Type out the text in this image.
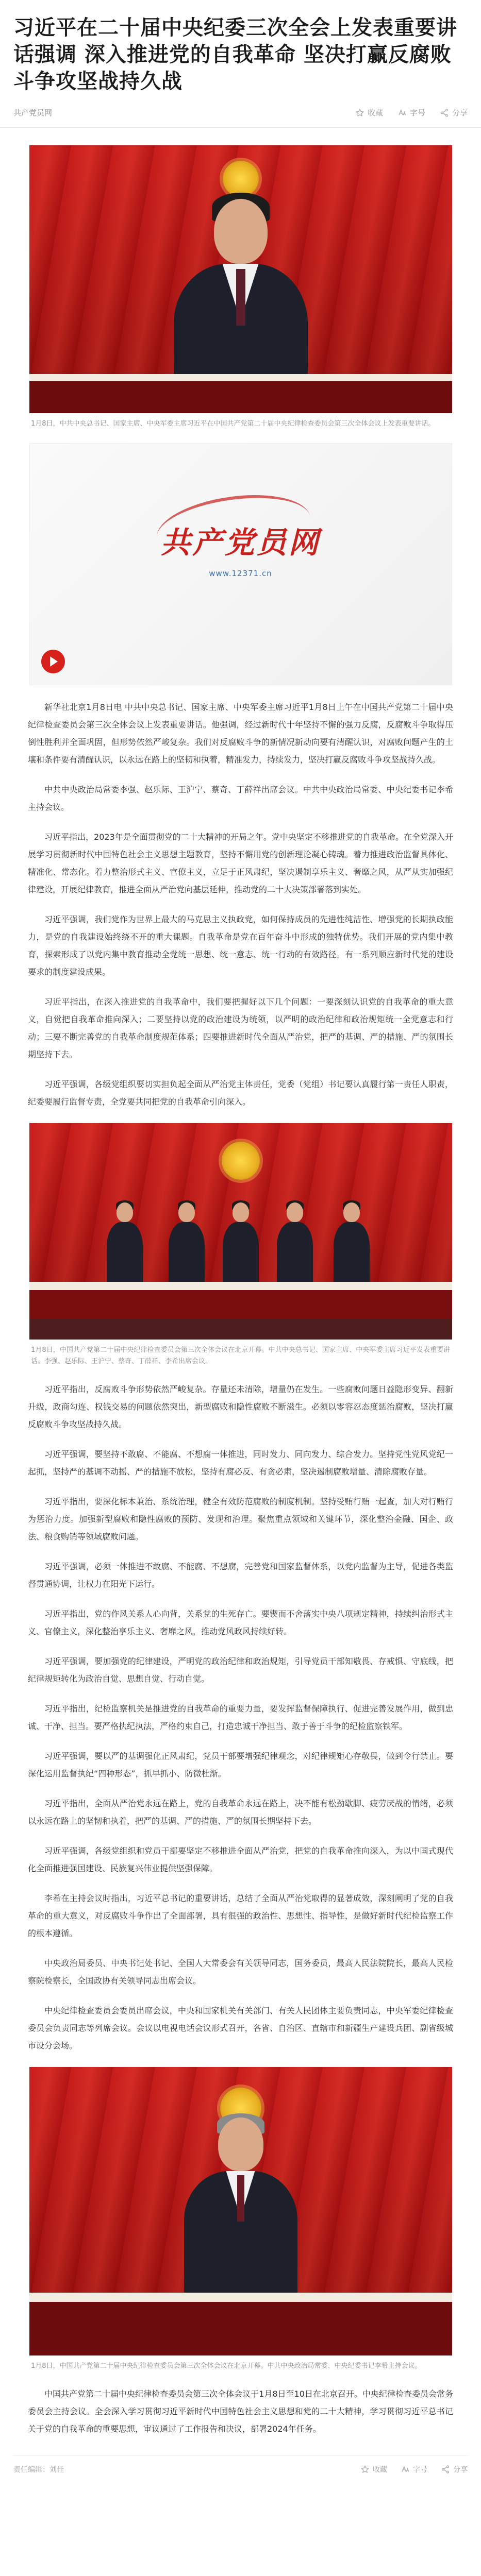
习近平在二十届中央纪委三次全会上发表重要讲话强调 深入推进党的自我革命 坚决打赢反腐败斗争攻坚战持久战
共产党员网	收藏	字号	分享

1月8日，中共中央总书记、国家主席、中央军委主席习近平在中国共产党第二十届中央纪律检查委员会第三次全体会议上发表重要讲话。

共产党员网
www.12371.cn

新华社北京1月8日电 中共中央总书记、国家主席、中央军委主席习近平1月8日上午在中国共产党第二十届中央纪律检查委员会第三次全体会议上发表重要讲话。他强调，经过新时代十年坚持不懈的强力反腐，反腐败斗争取得压倒性胜利并全面巩固，但形势依然严峻复杂。我们对反腐败斗争的新情况新动向要有清醒认识，对腐败问题产生的土壤和条件要有清醒认识，以永远在路上的坚韧和执着，精准发力，持续发力，坚决打赢反腐败斗争攻坚战持久战。

中共中央政治局常委李强、赵乐际、王沪宁、蔡奇、丁薛祥出席会议。中共中央政治局常委、中央纪委书记李希主持会议。

习近平指出，2023年是全面贯彻党的二十大精神的开局之年。党中央坚定不移推进党的自我革命。在全党深入开展学习贯彻新时代中国特色社会主义思想主题教育，坚持不懈用党的创新理论凝心铸魂。着力推进政治监督具体化、精准化、常态化。着力整治形式主义、官僚主义，立足于正风肃纪，坚决遏制享乐主义、奢靡之风，从严从实加强纪律建设，开展纪律教育，推进全面从严治党向基层延伸，推动党的二十大决策部署落到实处。

习近平强调，我们党作为世界上最大的马克思主义执政党，如何保持成员的先进性纯洁性、增强党的长期执政能力，是党的自我建设始终绕不开的重大课题。自我革命是党在百年奋斗中形成的独特优势。我们开展的党内集中教育，探索形成了以党内集中教育推动全党统一思想、统一意志、统一行动的有效路径。有一系列顺应新时代党的建设要求的制度建设成果。

习近平指出，在深入推进党的自我革命中，我们要把握好以下几个问题：一要深刻认识党的自我革命的重大意义，自觉把自我革命推向深入；二要坚持以党的政治建设为统领，以严明的政治纪律和政治规矩统一全党意志和行动；三要不断完善党的自我革命制度规范体系；四要推进新时代全面从严治党，把严的基调、严的措施、严的氛围长期坚持下去。

习近平强调，各级党组织要切实担负起全面从严治党主体责任，党委（党组）书记要认真履行第一责任人职责，纪委要履行监督专责，全党要共同把党的自我革命引向深入。

1月8日，中国共产党第二十届中央纪律检查委员会第三次全体会议在北京开幕。中共中央总书记、国家主席、中央军委主席习近平发表重要讲话。李强、赵乐际、王沪宁、蔡奇、丁薛祥、李希出席会议。

习近平指出，反腐败斗争形势依然严峻复杂。存量还未清除，增量仍在发生。一些腐败问题日益隐形变异、翻新升级，政商勾连、权钱交易的问题依然突出，新型腐败和隐性腐败不断滋生。必须以零容忍态度惩治腐败，坚决打赢反腐败斗争攻坚战持久战。

习近平强调，要坚持不敢腐、不能腐、不想腐一体推进，同时发力、同向发力、综合发力。坚持党性党风党纪一起抓，坚持严的基调不动摇、严的措施不放松，坚持有腐必反、有贪必肃，坚决遏制腐败增量、清除腐败存量。

习近平指出，要深化标本兼治、系统治理，健全有效防范腐败的制度机制。坚持受贿行贿一起查，加大对行贿行为惩治力度。加强新型腐败和隐性腐败的预防、发现和治理。聚焦重点领域和关键环节，深化整治金融、国企、政法、粮食购销等领域腐败问题。

习近平强调，必须一体推进不敢腐、不能腐、不想腐，完善党和国家监督体系，以党内监督为主导，促进各类监督贯通协调，让权力在阳光下运行。

习近平指出，党的作风关系人心向背，关系党的生死存亡。要锲而不舍落实中央八项规定精神，持续纠治形式主义、官僚主义，深化整治享乐主义、奢靡之风，推动党风政风持续好转。

习近平强调，要加强党的纪律建设，严明党的政治纪律和政治规矩，引导党员干部知敬畏、存戒惧、守底线，把纪律规矩转化为政治自觉、思想自觉、行动自觉。

习近平指出，纪检监察机关是推进党的自我革命的重要力量，要发挥监督保障执行、促进完善发展作用，做到忠诚、干净、担当。要严格执纪执法，严格约束自己，打造忠诚干净担当、敢于善于斗争的纪检监察铁军。

习近平强调，要以严的基调强化正风肃纪，党员干部要增强纪律观念，对纪律规矩心存敬畏，做到令行禁止。要深化运用监督执纪“四种形态”，抓早抓小、防微杜渐。

习近平指出，全面从严治党永远在路上，党的自我革命永远在路上，决不能有松劲歇脚、疲劳厌战的情绪，必须以永远在路上的坚韧和执着，把严的基调、严的措施、严的氛围长期坚持下去。

习近平强调，各级党组织和党员干部要坚定不移推进全面从严治党，把党的自我革命推向深入，为以中国式现代化全面推进强国建设、民族复兴伟业提供坚强保障。

李希在主持会议时指出，习近平总书记的重要讲话，总结了全面从严治党取得的显著成效，深刻阐明了党的自我革命的重大意义，对反腐败斗争作出了全面部署，具有很强的政治性、思想性、指导性，是做好新时代纪检监察工作的根本遵循。

中央政治局委员、中央书记处书记、全国人大常委会有关领导同志，国务委员，最高人民法院院长，最高人民检察院检察长，全国政协有关领导同志出席会议。

中央纪律检查委员会委员出席会议，中央和国家机关有关部门、有关人民团体主要负责同志，中央军委纪律检查委员会负责同志等列席会议。会议以电视电话会议形式召开，各省、自治区、直辖市和新疆生产建设兵团、副省级城市设分会场。

1月8日，中国共产党第二十届中央纪律检查委员会第三次全体会议在北京开幕。中共中央政治局常委、中央纪委书记李希主持会议。

中国共产党第二十届中央纪律检查委员会第三次全体会议于1月8日至10日在北京召开。中央纪律检查委员会常务委员会主持会议。全会深入学习贯彻习近平新时代中国特色社会主义思想和党的二十大精神，学习贯彻习近平总书记关于党的自我革命的重要思想，审议通过了工作报告和决议，部署2024年任务。

责任编辑：刘佳	收藏	字号	分享
